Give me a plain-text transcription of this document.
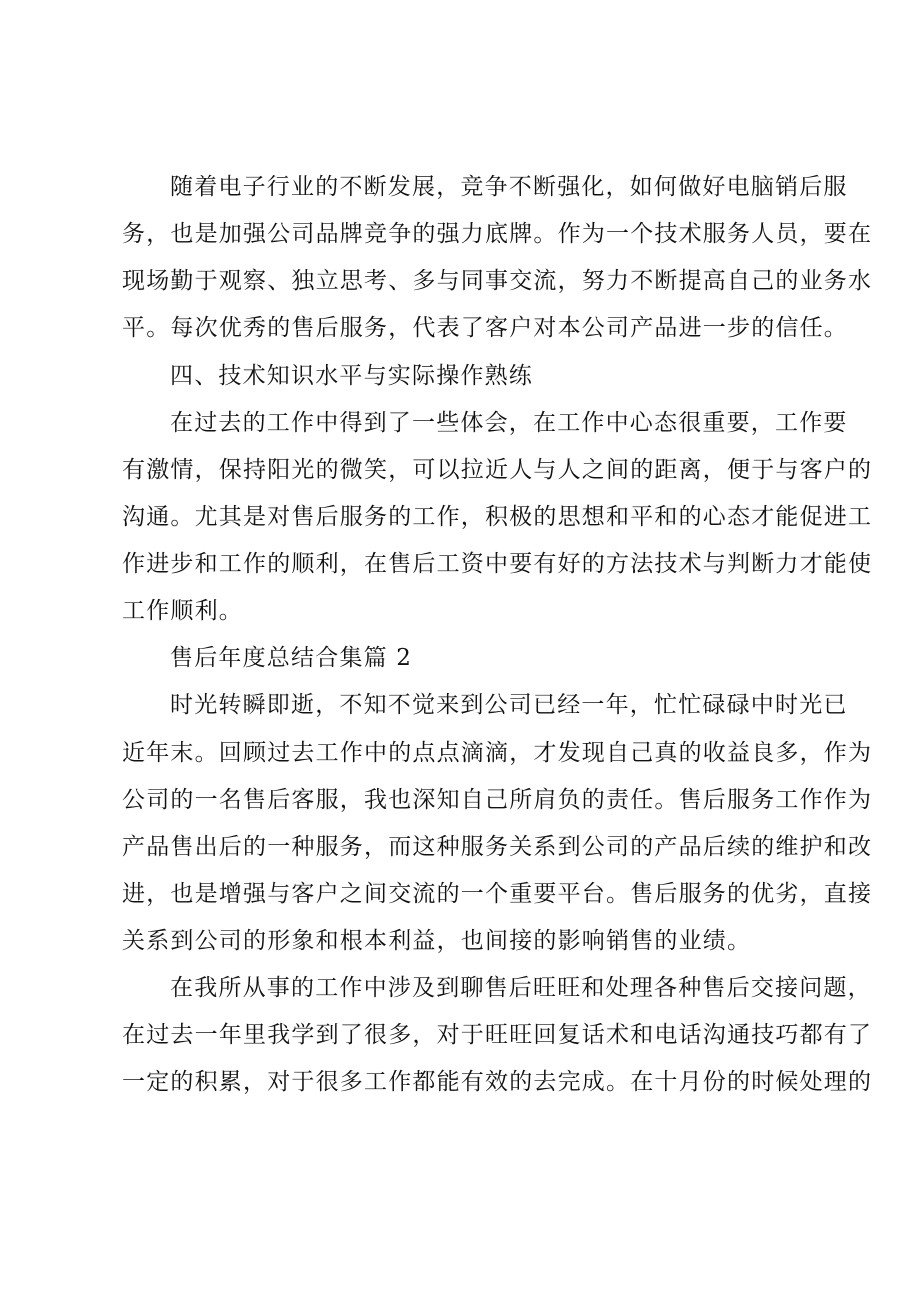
随着电子行业的不断发展，竞争不断强化，如何做好电脑销后服

务，也是加强公司品牌竞争的强力底牌。作为一个技术服务人员，要在

现场勤于观察、独立思考、多与同事交流，努力不断提高自己的业务水

平。每次优秀的售后服务，代表了客户对本公司产品进一步的信任。

四、技术知识水平与实际操作熟练

在过去的工作中得到了一些体会，在工作中心态很重要，工作要

有激情，保持阳光的微笑，可以拉近人与人之间的距离，便于与客户的

沟通。尤其是对售后服务的工作，积极的思想和平和的心态才能促进工

作进步和工作的顺利，在售后工资中要有好的方法技术与判断力才能使

工作顺利。

售后年度总结合集篇 2

时光转瞬即逝，不知不觉来到公司已经一年，忙忙碌碌中时光已

近年末。回顾过去工作中的点点滴滴，才发现自己真的收益良多，作为

公司的一名售后客服，我也深知自己所肩负的责任。售后服务工作作为

产品售出后的一种服务，而这种服务关系到公司的产品后续的维护和改

进，也是增强与客户之间交流的一个重要平台。售后服务的优劣，直接

关系到公司的形象和根本利益，也间接的影响销售的业绩。

在我所从事的工作中涉及到聊售后旺旺和处理各种售后交接问题，

在过去一年里我学到了很多，对于旺旺回复话术和电话沟通技巧都有了

一定的积累，对于很多工作都能有效的去完成。在十月份的时候处理的
